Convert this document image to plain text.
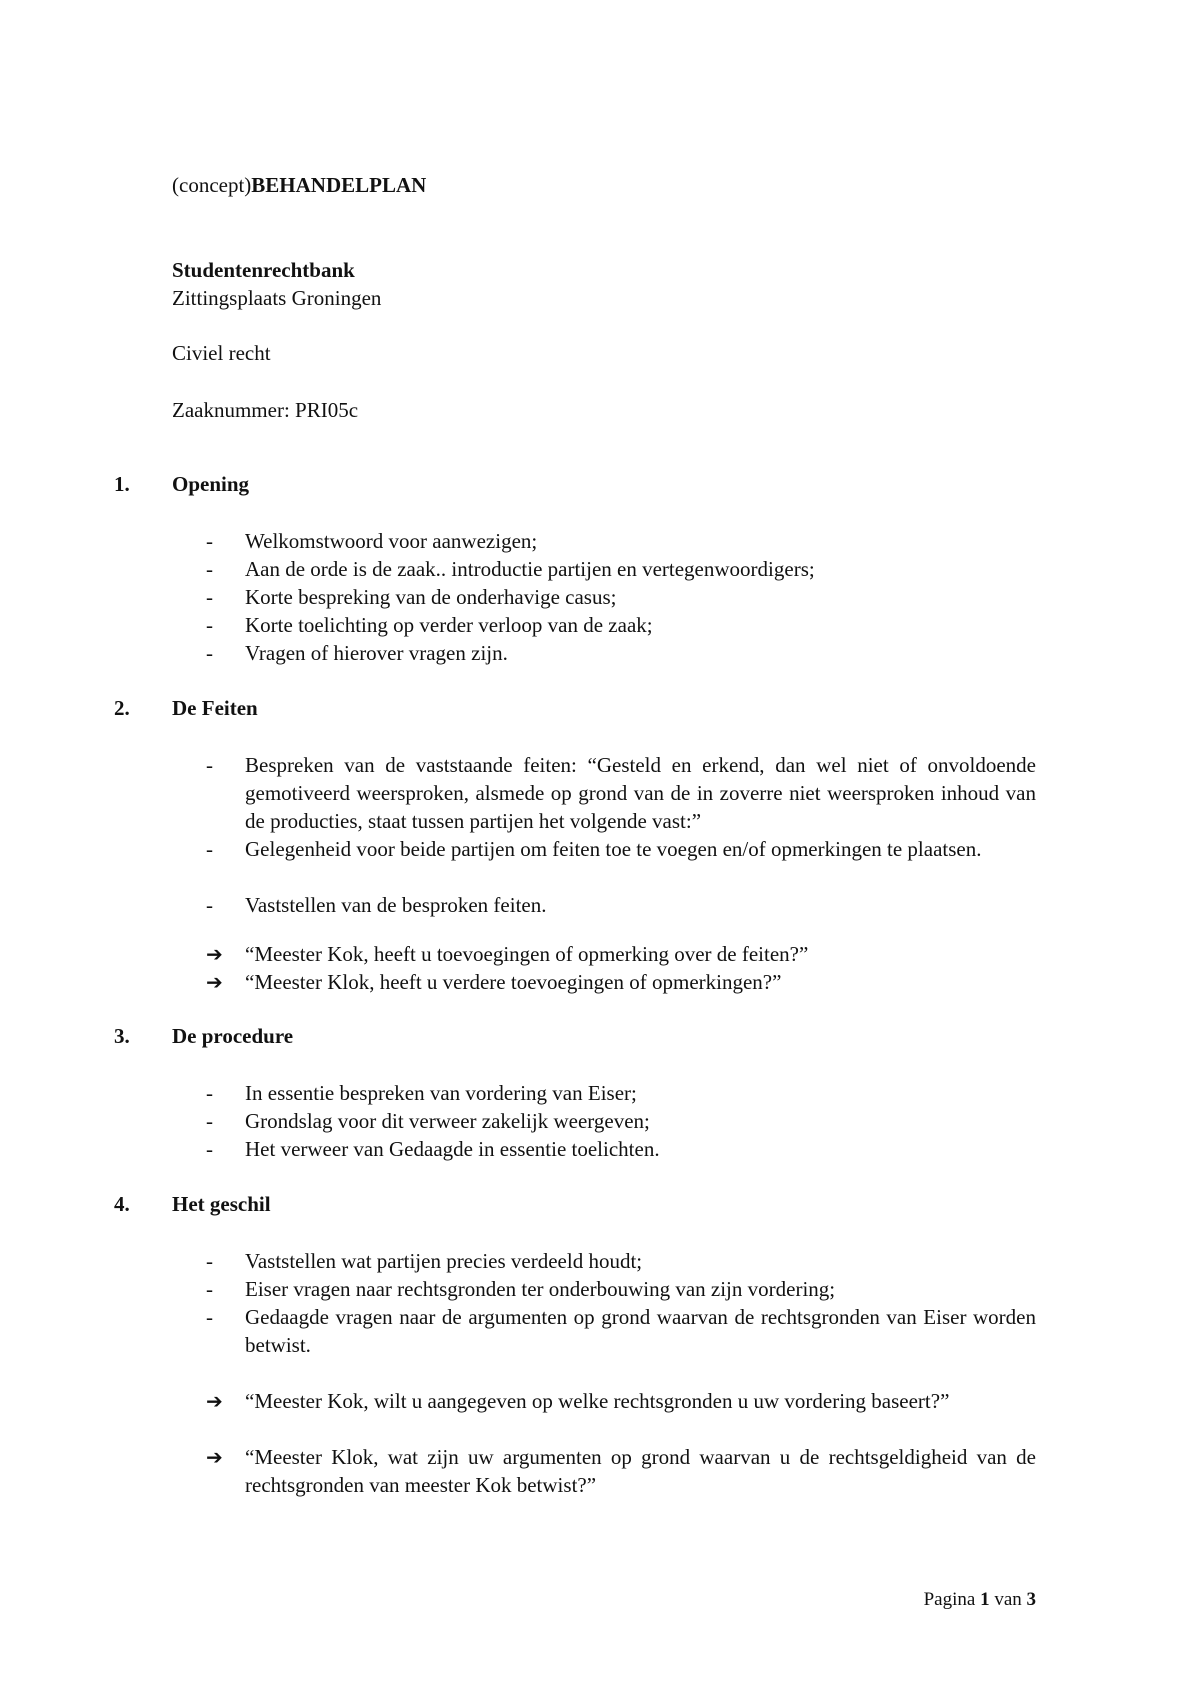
(concept)BEHANDELPLAN
Studentenrechtbank
Zittingsplaats Groningen
Civiel recht
Zaaknummer: PRI05c
1. Opening
- Welkomstwoord voor aanwezigen;
- Aan de orde is de zaak.. introductie partijen en vertegenwoordigers;
- Korte bespreking van de onderhavige casus;
- Korte toelichting op verder verloop van de zaak;
- Vragen of hierover vragen zijn.
2. De Feiten
- Bespreken van de vaststaande feiten: “Gesteld en erkend, dan wel niet of onvoldoende gemotiveerd weersproken, alsmede op grond van de in zoverre niet weersproken inhoud van de producties, staat tussen partijen het volgende vast:”
- Gelegenheid voor beide partijen om feiten toe te voegen en/of opmerkingen te plaatsen.
- Vaststellen van de besproken feiten.
➔ “Meester Kok, heeft u toevoegingen of opmerking over de feiten?”
➔ “Meester Klok, heeft u verdere toevoegingen of opmerkingen?”
3. De procedure
- In essentie bespreken van vordering van Eiser;
- Grondslag voor dit verweer zakelijk weergeven;
- Het verweer van Gedaagde in essentie toelichten.
4. Het geschil
- Vaststellen wat partijen precies verdeeld houdt;
- Eiser vragen naar rechtsgronden ter onderbouwing van zijn vordering;
- Gedaagde vragen naar de argumenten op grond waarvan de rechtsgronden van Eiser worden betwist.
➔ “Meester Kok, wilt u aangegeven op welke rechtsgronden u uw vordering baseert?”
➔ “Meester Klok, wat zijn uw argumenten op grond waarvan u de rechtsgeldigheid van de rechtsgronden van meester Kok betwist?”
Pagina 1 van 3
